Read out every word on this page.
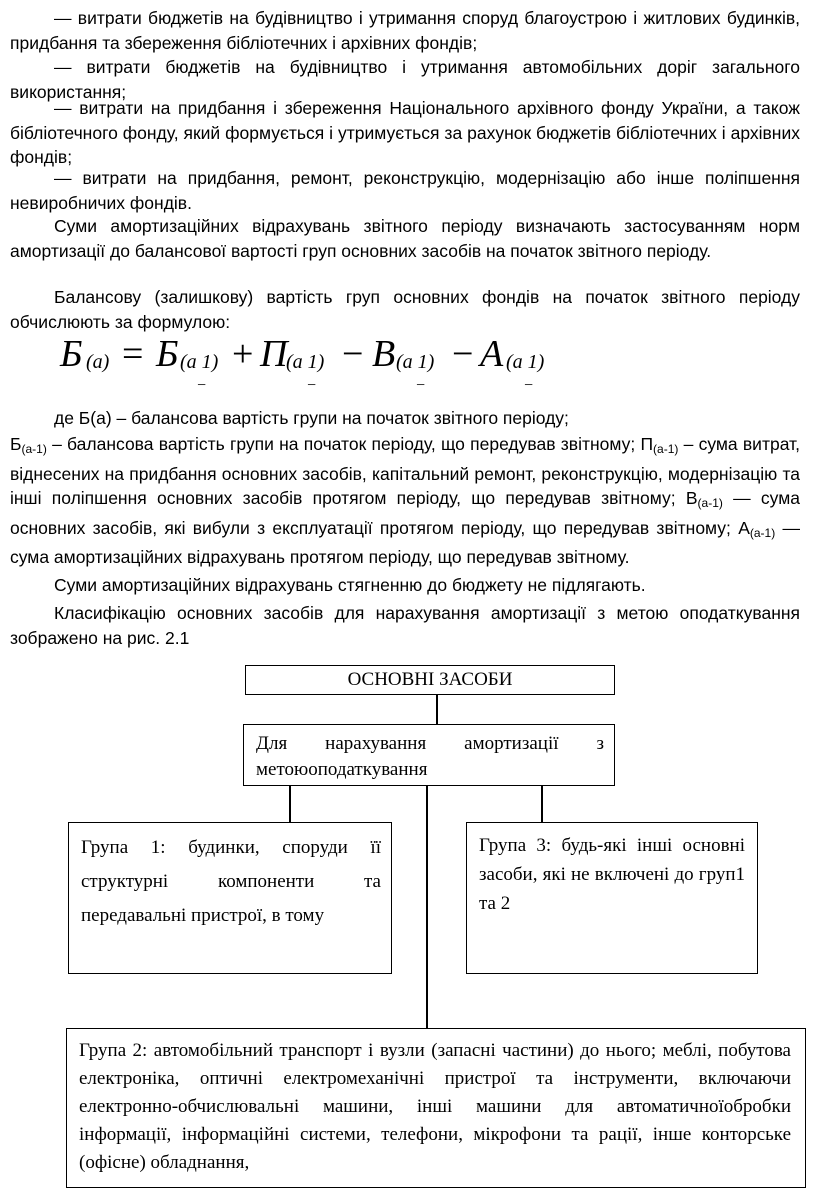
— витрати бюджетів на будівництво і утримання споруд благоустрою і житлових будинків, придбання та збереження бібліотечних і архівних фондів;

— витрати бюджетів на будівництво і утримання автомобільних доріг загального використання;

— витрати на придбання і збереження Національного архівного фонду України, а також бібліотечного фонду, який формується і утримується за рахунок бюджетів бібліотечних і архівних фондів;

— витрати на придбання, ремонт, реконструкцію, модернізацію або інше поліпшення невиробничих фондів.

Суми амортизаційних відрахувань звітного періоду визначають застосуванням норм амортизації до балансової вартості груп основних засобів на початок звітного періоду.

Балансову (залишкову) вартість груп основних фондів на початок звітного періоду обчислюють за формулою:

Б (a) = Б (a 1)
−
+ П
(a 1)
−
− В (a 1)
−
− А (a 1)
−

де Б(а) – балансова вартість групи на початок звітного періоду;

$Б_{(а-1)}$ – балансова вартість групи на початок періоду, що передував звітному; $П_{(а-1)}$ – сума витрат, віднесених на придбання основних засобів, капітальний ремонт, реконструкцію, модернізацію та інші поліпшення основних засобів протягом періоду, що передував звітному; $В_{(а-1)}$ — сума основних засобів, які вибули з експлуатації протягом періоду, що передував звітному; $А_{(а-1)}$ — сума амортизаційних відрахувань протягом періоду, що передував звітному.

Суми амортизаційних відрахувань стягненню до бюджету не підлягають.

Класифікацію основних засобів для нарахування амортизації з метою оподаткування зображено на рис. 2.1

ОСНОВНІ ЗАСОБИ
Для нарахування амортизації з метоюоподаткування
Група 1: будинки, споруди її структурні компоненти та передавальні пристрої, в тому
Група 3: будь-які інші основні засоби, які не включені до груп1 та 2
Група 2: автомобільний транспорт і вузли (запасні частини) до нього; меблі, побутова електроніка, оптичні електромеханічні пристрої та інструменти, включаючи електронно-обчислювальні машини, інші машини для автоматичноїобробки інформації, інформаційні системи, телефони, мікрофони та рації, інше конторське (офісне) обладнання,
